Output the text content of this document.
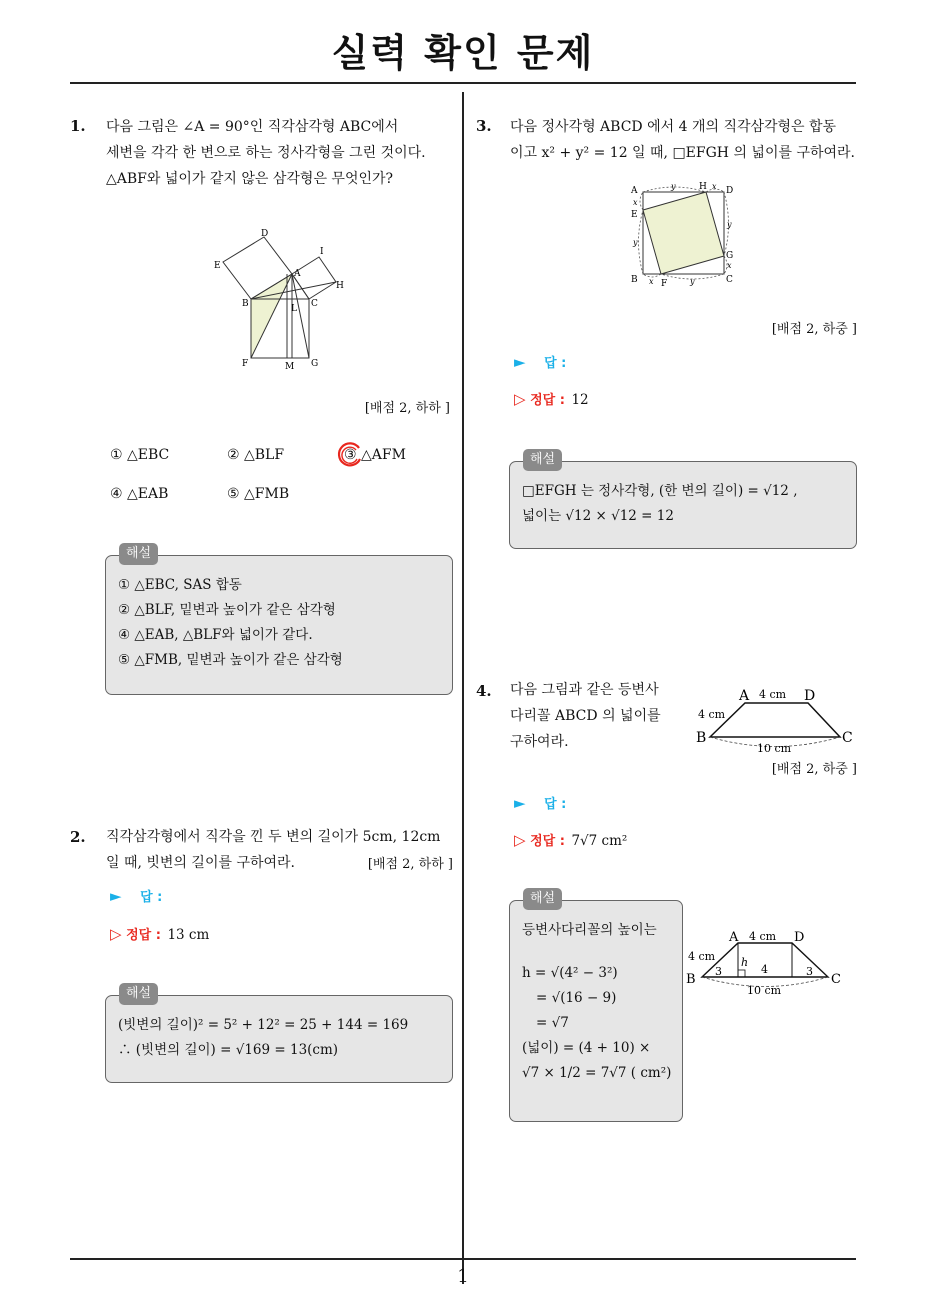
실력 확인 문제
1
1. 다음 그림은 ∠A = 90°인 직각삼각형 ABC에서
세변을 각각 한 변으로 하는 정사각형을 그린 것이다.
△ABF와 넓이가 같지 않은 삼각형은 무엇인가?
D
E
I
A
H
B	L C
F	M G
[배점 2, 하하 ]
① △EBC	② △BLF	③ △AFM
④ △EAB	⑤ △FMB
① △EBC, SAS 합동
② △BLF, 밑변과 높이가 같은 삼각형
④ △EAB, △BLF와 넓이가 같다.
⑤ △FMB, 밑변과 높이가 같은 삼각형
해설
2. 직각삼각형에서 직각을 낀 두 변의 길이가 5cm, 12cm
일 때, 빗변의 길이를 구하여라.	[배점 2, 하하 ]
► 답 :
▷ 정답 : 13 cm
(빗변의 길이)² = 5² + 12² = 25 + 144 = 169
∴ (빗변의 길이) = √169 = 13(cm)
해설
3. 다음 정사각형 ABCD 에서 4 개의 직각삼각형은 합동
이고 x² + y² = 12 일 때, □EFGH 의 넓이를 구하여라.
A	H D
E
G
B	F	C
y	x
y
x
y
x
y
x
[배점 2, 하중 ]
► 답 :
▷ 정답 : 12
□EFGH 는 정사각형, (한 변의 길이) = √12 ,
넓이는 √12 × √12 = 12
해설
4. 다음 그림과 같은 등변사
다리꼴 ABCD 의 넓이를
구하여라.
A	D
B	C
4 cm
4 cm
10 cm
[배점 2, 하중 ]
► 답 :
▷ 정답 : 7√7 cm²
등변사다리꼴의 높이는
h = √(4² − 3²)
= √(16 − 9)
= √7
(넓이) = (4 + 10) ×
√7 × 1/2 = 7√7 ( cm²)
해설
A	D
B	C
4 cm
4 cm h
3	4	3
10 cm
